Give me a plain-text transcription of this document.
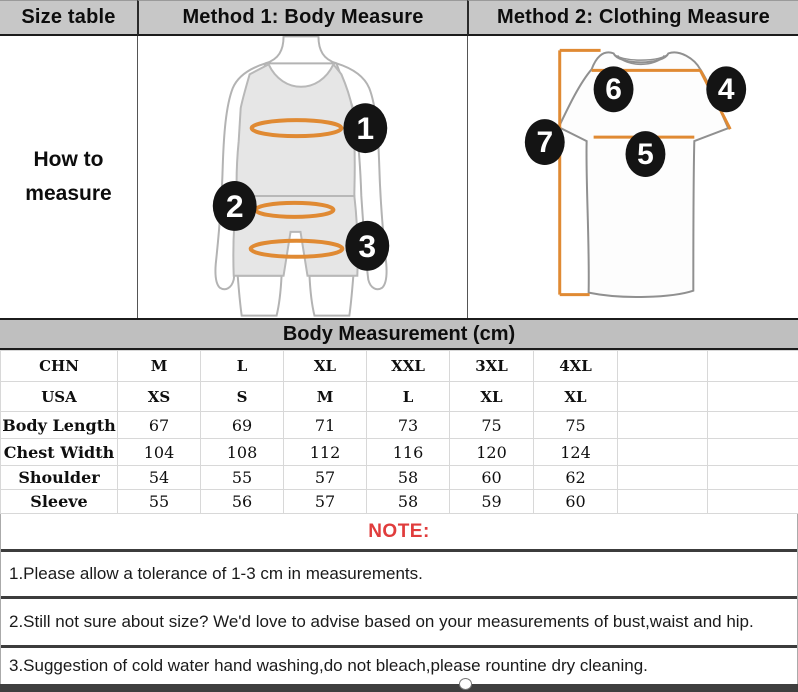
Size table	Method 1: Body Measure	Method 2: Clothing Measure
How to
measure
1
2
3
6	4
7	5
Body Measurement (cm)
CHN	M	L	XL	XXL	3XL	4XL		
USA	XS	S	M	L	XL	XL		
Body Length	67	69	71	73	75	75		
Chest Width	104	108	112	116	120	124		
Shoulder	54	55	57	58	60	62		
Sleeve	55	56	57	58	59	60		
NOTE:
1.Please allow a tolerance of 1-3 cm in measurements.
2.Still not sure about size? We'd love to advise based on your measurements of bust,waist and hip.
3.Suggestion of cold water hand washing,do not bleach,please rountine dry cleaning.
